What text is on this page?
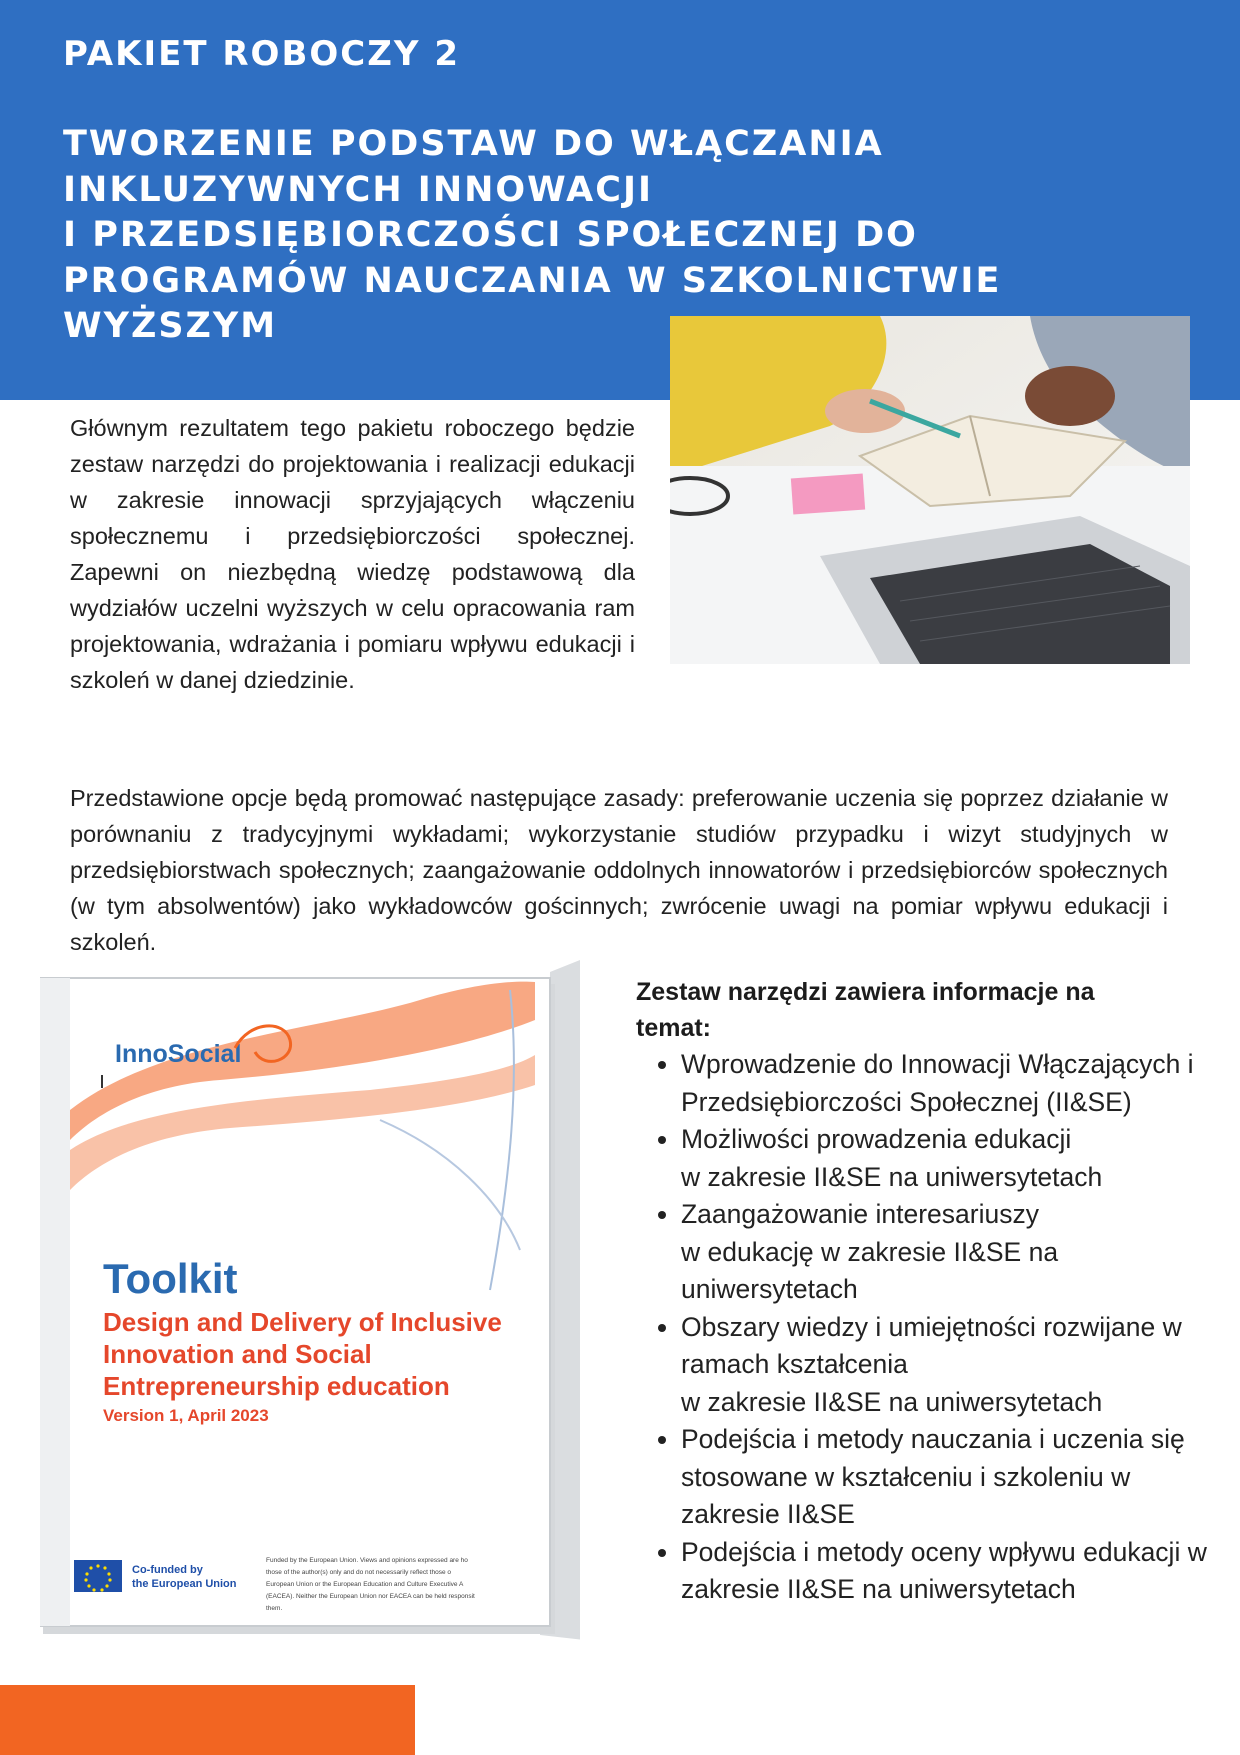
PAKIET ROBOCZY 2
TWORZENIE PODSTAW DO WŁĄCZANIA
INKLUZYWNYCH INNOWACJI
I PRZEDSIĘBIORCZOŚCI SPOŁECZNEJ DO
PROGRAMÓW NAUCZANIA W SZKOLNICTWIE
WYŻSZYM

Głównym rezultatem tego pakietu roboczego będzie zestaw narzędzi do projektowania i realizacji edukacji w zakresie innowacji sprzyjających włączeniu społecznemu i przedsiębiorczości społecznej. Zapewni on niezbędną wiedzę podstawową dla wydziałów uczelni wyższych w celu opracowania ram projektowania, wdrażania i pomiaru wpływu edukacji i szkoleń w danej dziedzinie.

Przedstawione opcje będą promować następujące zasady: preferowanie uczenia się poprzez działanie w porównaniu z tradycyjnymi wykładami; wykorzystanie studiów przypadku i wizyt studyjnych w przedsiębiorstwach społecznych; zaangażowanie oddolnych innowatorów i przedsiębiorców społecznych (w tym absolwentów) jako wykładowców gościnnych; zwrócenie uwagi na pomiar wpływu edukacji i szkoleń.

InnoSocial
Toolkit
Design and Delivery of Inclusive
Innovation and Social
Entrepreneurship education
Version 1, April 2023
Co-funded by
the European Union
Funded by the European Union. Views and opinions expressed are ho
those of the author(s) only and do not necessarily reflect those o
European Union or the European Education and Culture Executive A
(EACEA). Neither the European Union nor EACEA can be held responsit
them.

Zestaw narzędzi zawiera informacje na temat:

• Wprowadzenie do Innowacji Włączających i Przedsiębiorczości Społecznej (II&SE)
• Możliwości prowadzenia edukacji
w zakresie II&SE na uniwersytetach
• Zaangażowanie interesariuszy
w edukację w zakresie II&SE na uniwersytetach
• Obszary wiedzy i umiejętności rozwijane w ramach kształcenia
w zakresie II&SE na uniwersytetach
• Podejścia i metody nauczania i uczenia się stosowane w kształceniu i szkoleniu w zakresie II&SE
• Podejścia i metody oceny wpływu edukacji w zakresie II&SE na uniwersytetach
